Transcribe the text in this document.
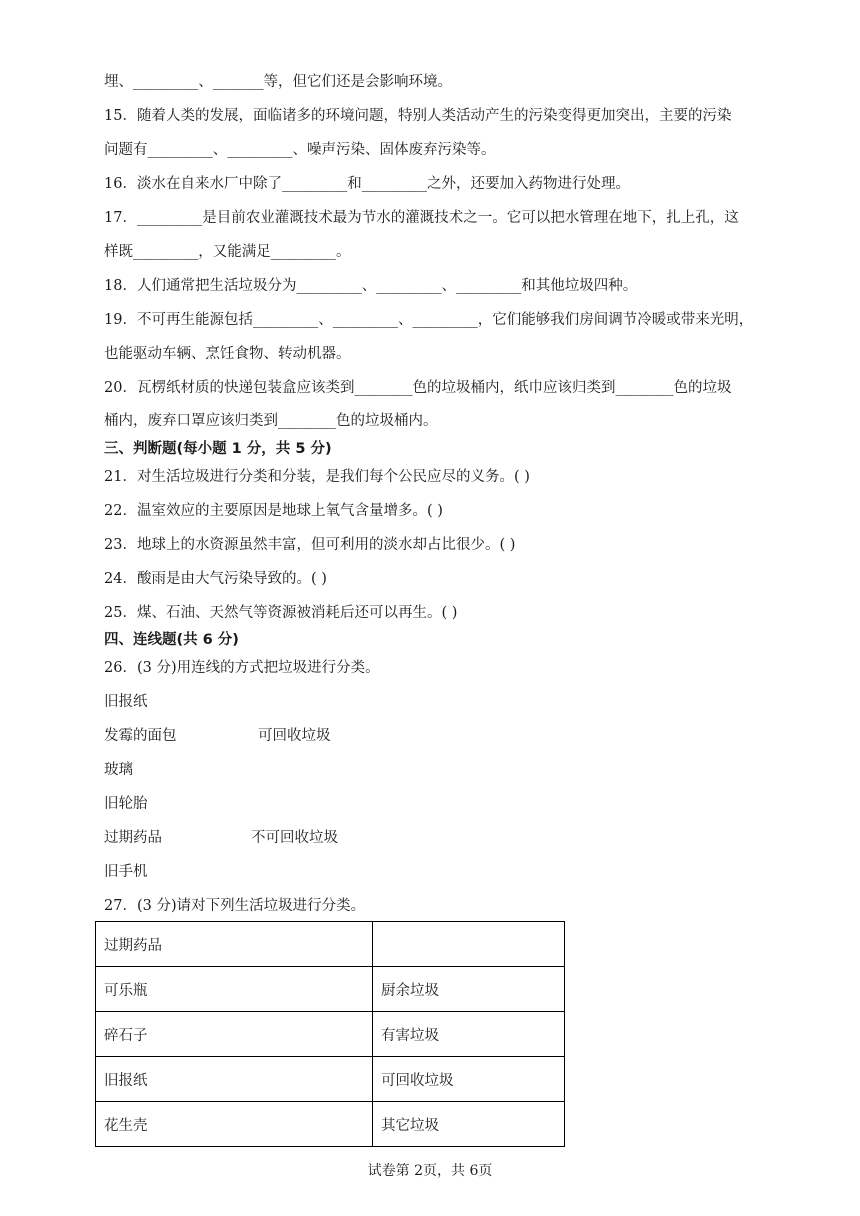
埋、_________、_______等，但它们还是会影响环境。
15．随着人类的发展，面临诸多的环境问题，特别人类活动产生的污染变得更加突出，主要的污染
问题有_________、_________、噪声污染、固体废弃污染等。
16．淡水在自来水厂中除了_________和_________之外，还要加入药物进行处理。
17．_________是目前农业灌溉技术最为节水的灌溉技术之一。它可以把水管理在地下，扎上孔，这
样既_________，又能满足_________。
18．人们通常把生活垃圾分为_________、_________、_________和其他垃圾四种。
19．不可再生能源包括_________、_________、_________，它们能够我们房间调节冷暖或带来光明，
也能驱动车辆、烹饪食物、转动机器。
20．瓦楞纸材质的快递包装盒应该类到________色的垃圾桶内，纸巾应该归类到________色的垃圾
桶内，废弃口罩应该归类到________色的垃圾桶内。
三、判断题(每小题 1 分，共 5 分)
21．对生活垃圾进行分类和分装，是我们每个公民应尽的义务。( )
22．温室效应的主要原因是地球上氧气含量增多。( )
23．地球上的水资源虽然丰富，但可利用的淡水却占比很少。( )
24．酸雨是由大气污染导致的。( )
25．煤、石油、天然气等资源被消耗后还可以再生。( )
四、连线题(共 6 分)
26．(3 分)用连线的方式把垃圾进行分类。
旧报纸
发霉的面包	可回收垃圾
玻璃
旧轮胎
过期药品	不可回收垃圾
旧手机
27．(3 分)请对下列生活垃圾进行分类。
过期药品	
可乐瓶	厨余垃圾
碎石子	有害垃圾
旧报纸	可回收垃圾
花生壳	其它垃圾
试卷第 2页，共 6页
